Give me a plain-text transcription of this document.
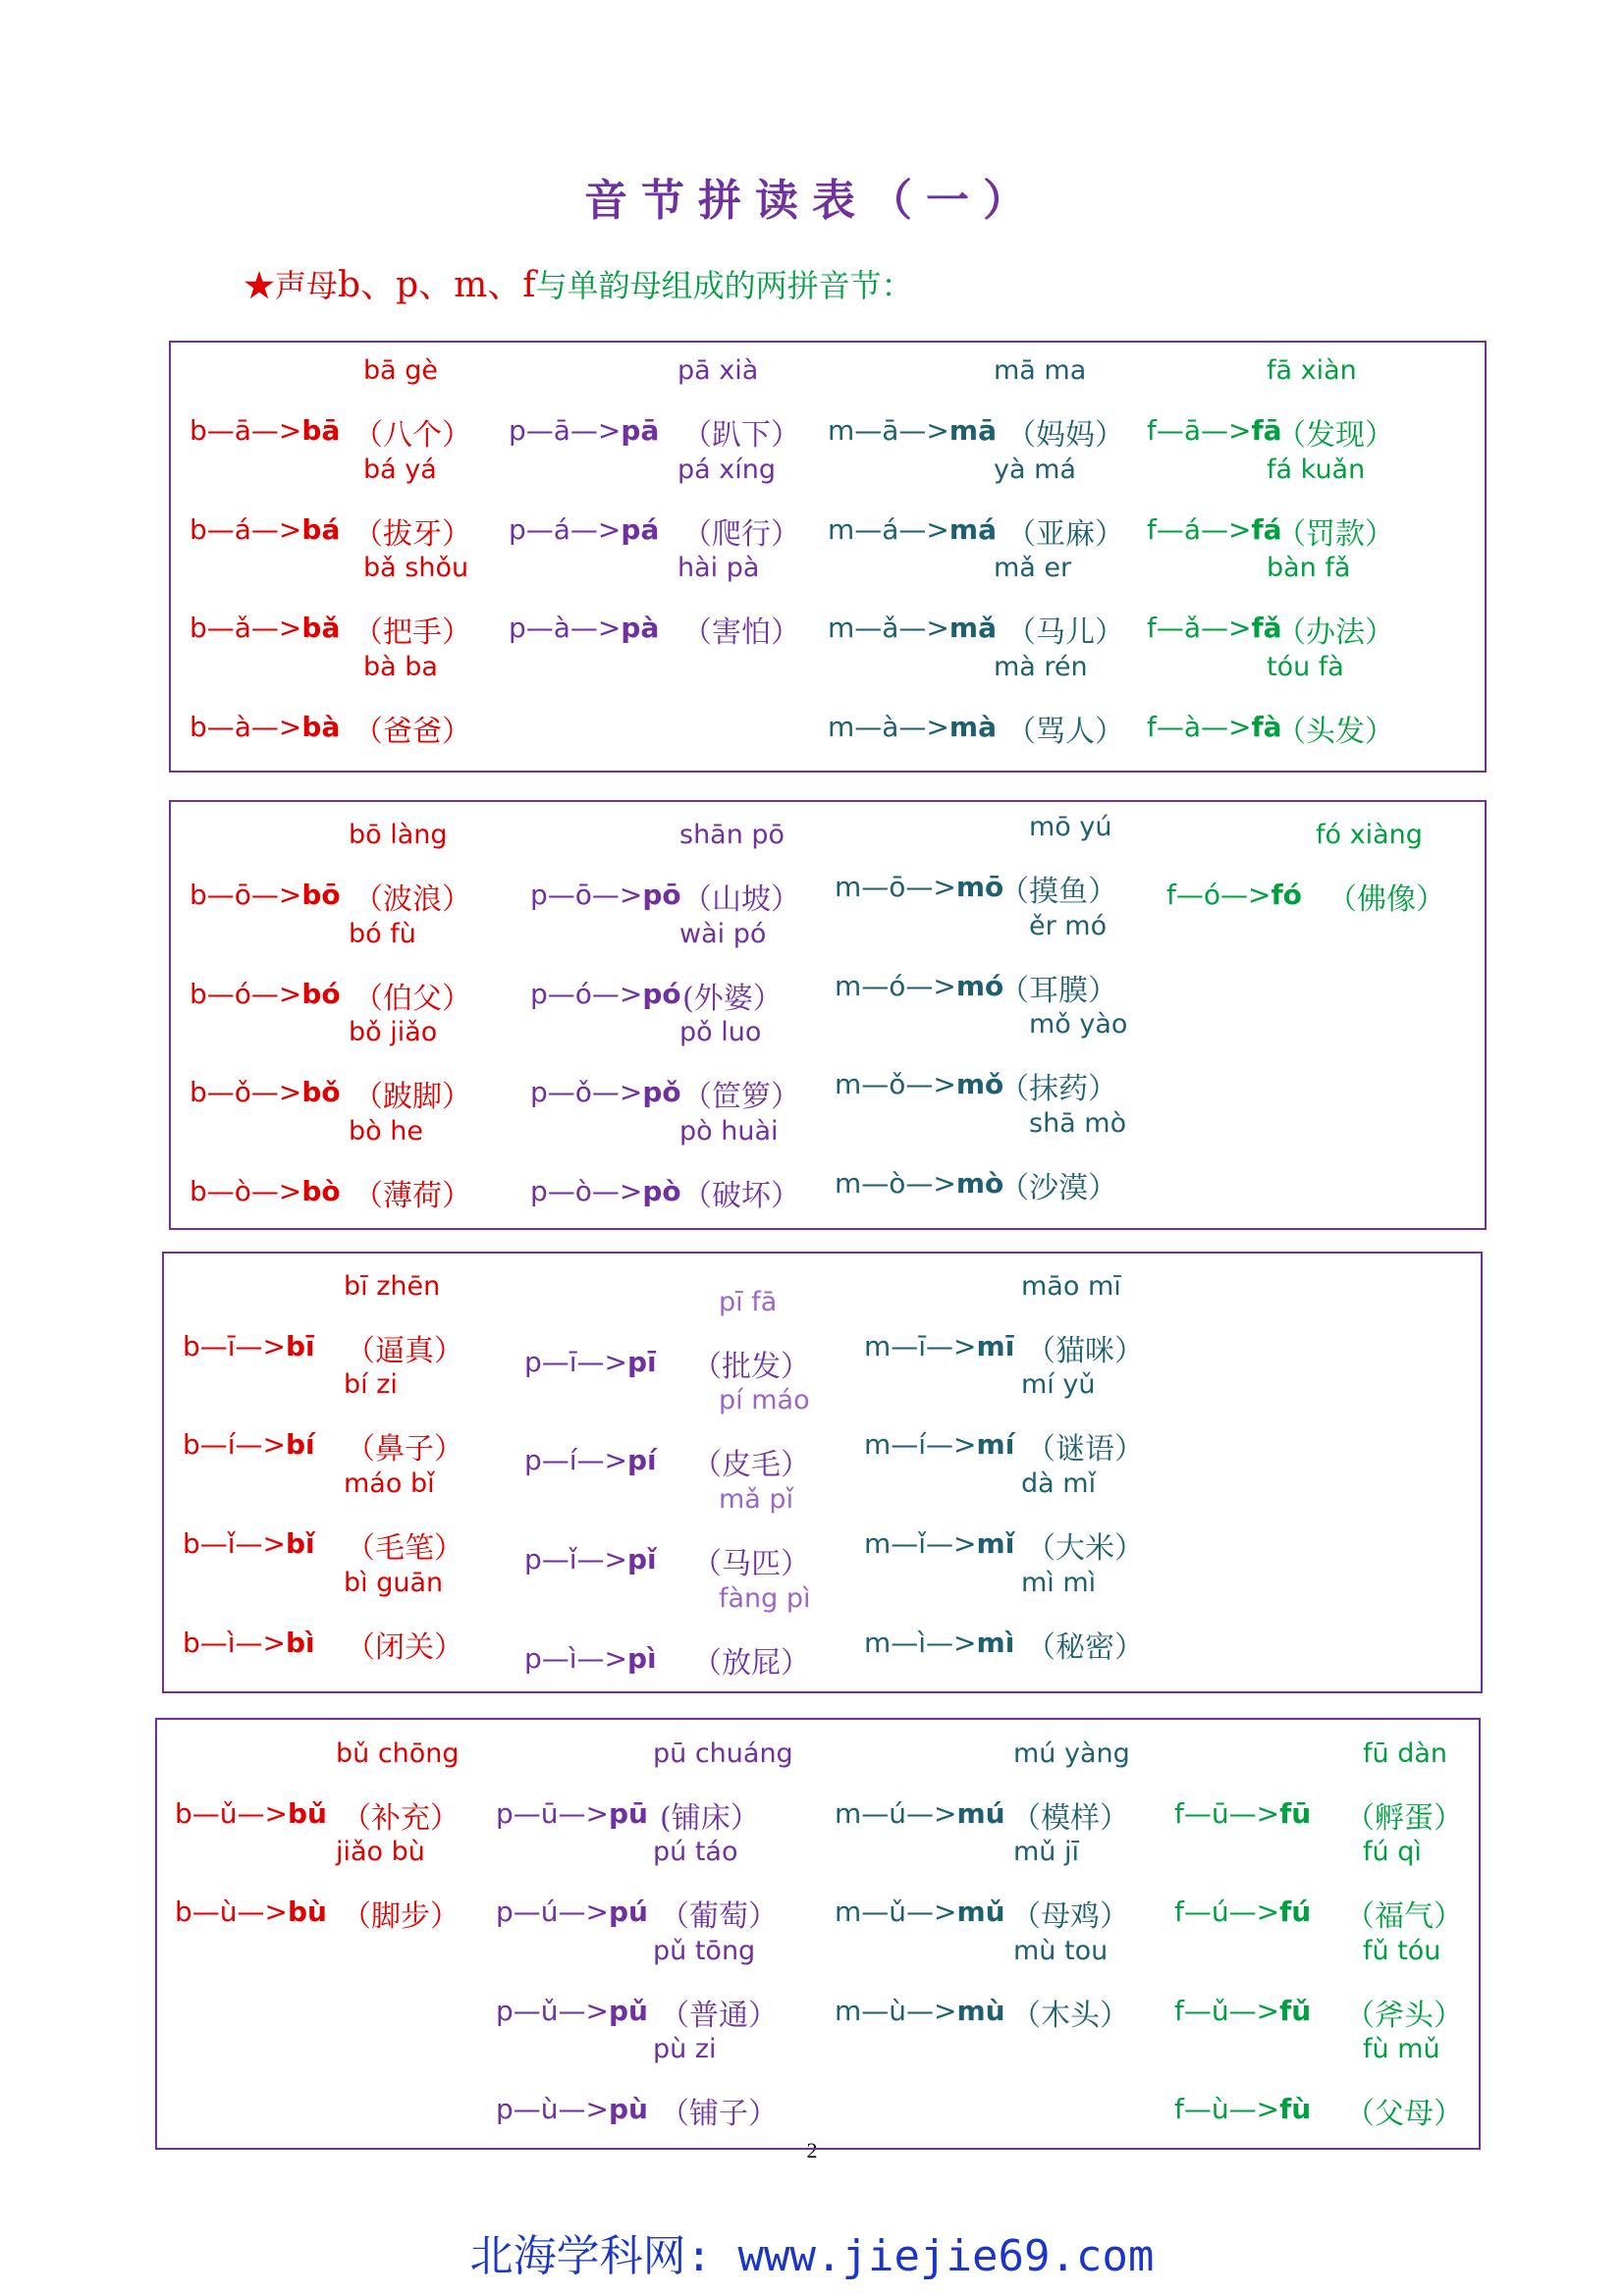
音节拼读表（一）
★声母b、p、m、f与单韵母组成的两拼音节：
2
北海学科网: www.jiejie69.com
bā gè
b—ā—>bā （八个）
bá yá
b—á—>bá （拔牙）
bǎ shǒu
b—ǎ—>bǎ （把手）
bà ba
b—à—>bà （爸爸）
pā xià
p—ā—>pā （趴下）
pá xíng
p—á—>pá （爬行）
hài pà
p—à—>pà （害怕）
mā ma
m—ā—>mā （妈妈）
yà má
m—á—>má （亚麻）
mǎ er
m—ǎ—>mǎ （马儿）
mà rén
m—à—>mà （骂人）
fā xiàn
f—ā—>fā
（发现）
fá kuǎn
f—á—>fá
（罚款）
bàn fǎ
f—ǎ—>fǎ
（办法）
tóu fà
f—à—>fà
（头发）
bō làng
b—ō—>bō （波浪）
bó fù
b—ó—>bó （伯父）
bǒ jiǎo
b—ǒ—>bǒ （跛脚）
bò he
b—ò—>bò （薄荷）
shān pō
p—ō—>pō （山坡）
wài pó
p—ó—>pó (外婆）
pǒ luo
p—ǒ—>pǒ （笸箩）
pò huài
p—ò—>pò （破坏）
mō yú
m—ō—>mō
（摸鱼）
ěr mó
m—ó—>mó
（耳膜）
mǒ yào
m—ǒ—>mǒ
（抹药）
shā mò
m—ò—>mò
（沙漠）
fó xiàng
f—ó—>fó （佛像）
bī zhēn
b—ī—>bī （逼真）
bí zi
b—í—>bí （鼻子）
máo bǐ
b—ǐ—>bǐ （毛笔）
bì guān
b—ì—>bì （闭关）
pī fā
p—ī—>pī （批发）
pí máo
p—í—>pí （皮毛）
mǎ pǐ
p—ǐ—>pǐ （马匹）
fàng pì
p—ì—>pì （放屁）
māo mī
m—ī—>mī （猫咪）
mí yǔ
m—í—>mí （谜语）
dà mǐ
m—ǐ—>mǐ （大米）
mì mì
m—ì—>mì （秘密）
bǔ chōng
b—ǔ—>bǔ （补充）
jiǎo bù
b—ù—>bù （脚步）
pū chuáng
p—ū—>pū (铺床）
pú táo
p—ú—>pú （葡萄）
pǔ tōng
p—ǔ—>pǔ （普通）
pù zi
p—ù—>pù （铺子）
mú yàng
m—ú—>mú （模样）
mǔ jī
m—ǔ—>mǔ （母鸡）
mù tou
m—ù—>mù （木头）
fū dàn
f—ū—>fū （孵蛋）
fú qì
f—ú—>fú （福气）
fǔ tóu
f—ǔ—>fǔ （斧头）
fù mǔ
f—ù—>fù （父母）
